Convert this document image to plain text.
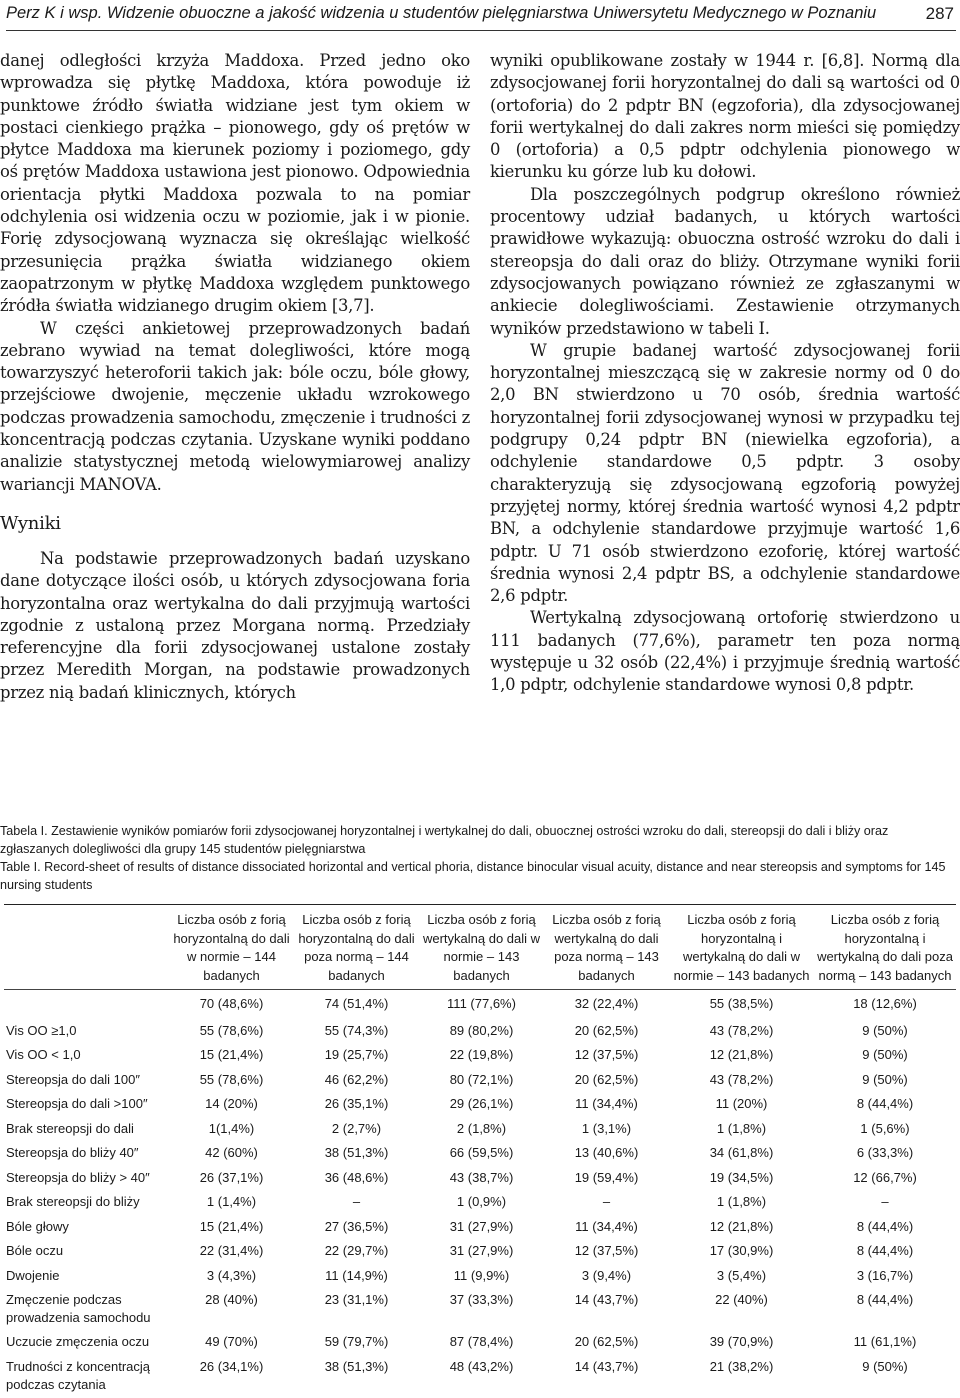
Perz K i wsp. Widzenie obuoczne a jakość widzenia u studentów pielęgniarstwa Uniwersytetu Medycznego w Poznaniu	287

danej odległości krzyża Maddoxa. Przed jedno oko wprowadza się płytkę Maddoxa, która powoduje iż punktowe źródło światła widziane jest tym okiem w postaci cienkiego prążka – pionowego, gdy oś prętów w płytce Maddoxa ma kierunek poziomy i poziomego, gdy oś prętów Maddoxa ustawiona jest pionowo. Odpowiednia orientacja płytki Maddoxa pozwala to na pomiar odchylenia osi widzenia oczu w poziomie, jak i w pionie. Forię zdysocjowaną wyznacza się określając wielkość przesunięcia prążka światła widzianego okiem zaopatrzonym w płytkę Maddoxa względem punktowego źródła światła widzianego drugim okiem [3,7].

W części ankietowej przeprowadzonych badań zebrano wywiad na temat dolegliwości, które mogą towarzyszyć heteroforii takich jak: bóle oczu, bóle głowy, przejściowe dwojenie, męczenie układu wzrokowego podczas prowadzenia samochodu, zmęczenie i trudności z koncentracją podczas czytania. Uzyskane wyniki poddano analizie statystycznej metodą wielowymiarowej analizy wariancji MANOVA.

Wyniki

Na podstawie przeprowadzonych badań uzyskano dane dotyczące ilości osób, u których zdysocjowana foria horyzontalna oraz wertykalna do dali przyjmują wartości zgodnie z ustaloną przez Morgana normą. Przedziały referencyjne dla forii zdysocjowanej ustalone zostały przez Meredith Morgan, na podstawie prowadzonych przez nią badań klinicznych, których

wyniki opublikowane zostały w 1944 r. [6,8]. Normą dla zdysocjowanej forii horyzontalnej do dali są wartości od 0 (ortoforia) do 2 pdptr BN (egzoforia), dla zdysocjowanej forii wertykalnej do dali zakres norm mieści się pomiędzy 0 (ortoforia) a 0,5 pdptr odchylenia pionowego w kierunku ku górze lub ku dołowi.

Dla poszczególnych podgrup określono również procentowy udział badanych, u których wartości prawidłowe wykazują: obuoczna ostrość wzroku do dali i stereopsja do dali oraz do bliży. Otrzymane wyniki forii zdysocjowanych powiązano również ze zgłaszanymi w ankiecie dolegliwościami. Zestawienie otrzymanych wyników przedstawiono w tabeli I.

W grupie badanej wartość zdysocjowanej forii horyzontalnej mieszczącą się w zakresie normy od 0 do 2,0 BN stwierdzono u 70 osób, średnia wartość horyzontalnej forii zdysocjowanej wynosi w przypadku tej podgrupy 0,24 pdptr BN (niewielka egzoforia), a odchylenie standardowe 0,5 pdptr. 3 osoby charakteryzują się zdysocjowaną egzoforią powyżej przyjętej normy, której średnia wartość wynosi 4,2 pdptr BN, a odchylenie standardowe przyjmuje wartość 1,6 pdptr. U 71 osób stwierdzono ezoforię, której wartość średnia wynosi 2,4 pdptr BS, a odchylenie standardowe 2,6 pdptr.

Wertykalną zdysocjowaną ortoforię stwierdzono u 111 badanych (77,6%), parametr ten poza normą występuje u 32 osób (22,4%) i przyjmuje średnią wartość 1,0 pdptr, odchylenie standardowe wynosi 0,8 pdptr.

Tabela I. Zestawienie wyników pomiarów forii zdysocjowanej horyzontalnej i wertykalnej do dali, obuocznej ostrości wzroku do dali, stereopsji do dali i bliży oraz zgłaszanych dolegliwości dla grupy 145 studentów pielęgniarstwa

Table I. Record-sheet of results of distance dissociated horizontal and vertical phoria, distance binocular visual acuity, distance and near stereopsis and symptoms for 145 nursing students

	Liczba osób z forią horyzontalną do dali w normie – 144 badanych	Liczba osób z forią horyzontalną do dali poza normą – 144 badanych	Liczba osób z forią wertykalną do dali w normie – 143 badanych	Liczba osób z forią wertykalną do dali poza normą – 143 badanych	Liczba osób z forią horyzontalną i wertykalną do dali w normie – 143 badanych	Liczba osób z forią horyzontalną i wertykalną do dali poza normą – 143 badanych
	70 (48,6%)	74 (51,4%)	111 (77,6%)	32 (22,4%)	55 (38,5%)	18 (12,6%)
Vis OO ≥1,0	55 (78,6%)	55 (74,3%)	89 (80,2%)	20 (62,5%)	43 (78,2%)	9 (50%)
Vis OO < 1,0	15 (21,4%)	19 (25,7%)	22 (19,8%)	12 (37,5%)	12 (21,8%)	9 (50%)
Stereopsja do dali 100″	55 (78,6%)	46 (62,2%)	80 (72,1%)	20 (62,5%)	43 (78,2%)	9 (50%)
Stereopsja do dali >100″	14 (20%)	26 (35,1%)	29 (26,1%)	11 (34,4%)	11 (20%)	8 (44,4%)
Brak stereopsji do dali	1(1,4%)	2 (2,7%)	2 (1,8%)	1 (3,1%)	1 (1,8%)	1 (5,6%)
Stereopsja do bliży 40″	42 (60%)	38 (51,3%)	66 (59,5%)	13 (40,6%)	34 (61,8%)	6 (33,3%)
Stereopsja do bliży > 40″	26 (37,1%)	36 (48,6%)	43 (38,7%)	19 (59,4%)	19 (34,5%)	12 (66,7%)
Brak stereopsji do bliży	1 (1,4%)	–	1 (0,9%)	–	1 (1,8%)	–
Bóle głowy	15 (21,4%)	27 (36,5%)	31 (27,9%)	11 (34,4%)	12 (21,8%)	8 (44,4%)
Bóle oczu	22 (31,4%)	22 (29,7%)	31 (27,9%)	12 (37,5%)	17 (30,9%)	8 (44,4%)
Dwojenie	3 (4,3%)	11 (14,9%)	11 (9,9%)	3 (9,4%)	3 (5,4%)	3 (16,7%)
Zmęczenie podczas prowadzenia samochodu	28 (40%)	23 (31,1%)	37 (33,3%)	14 (43,7%)	22 (40%)	8 (44,4%)
Uczucie zmęczenia oczu	49 (70%)	59 (79,7%)	87 (78,4%)	20 (62,5%)	39 (70,9%)	11 (61,1%)
Trudności z koncentracją podczas czytania	26 (34,1%)	38 (51,3%)	48 (43,2%)	14 (43,7%)	21 (38,2%)	9 (50%)
